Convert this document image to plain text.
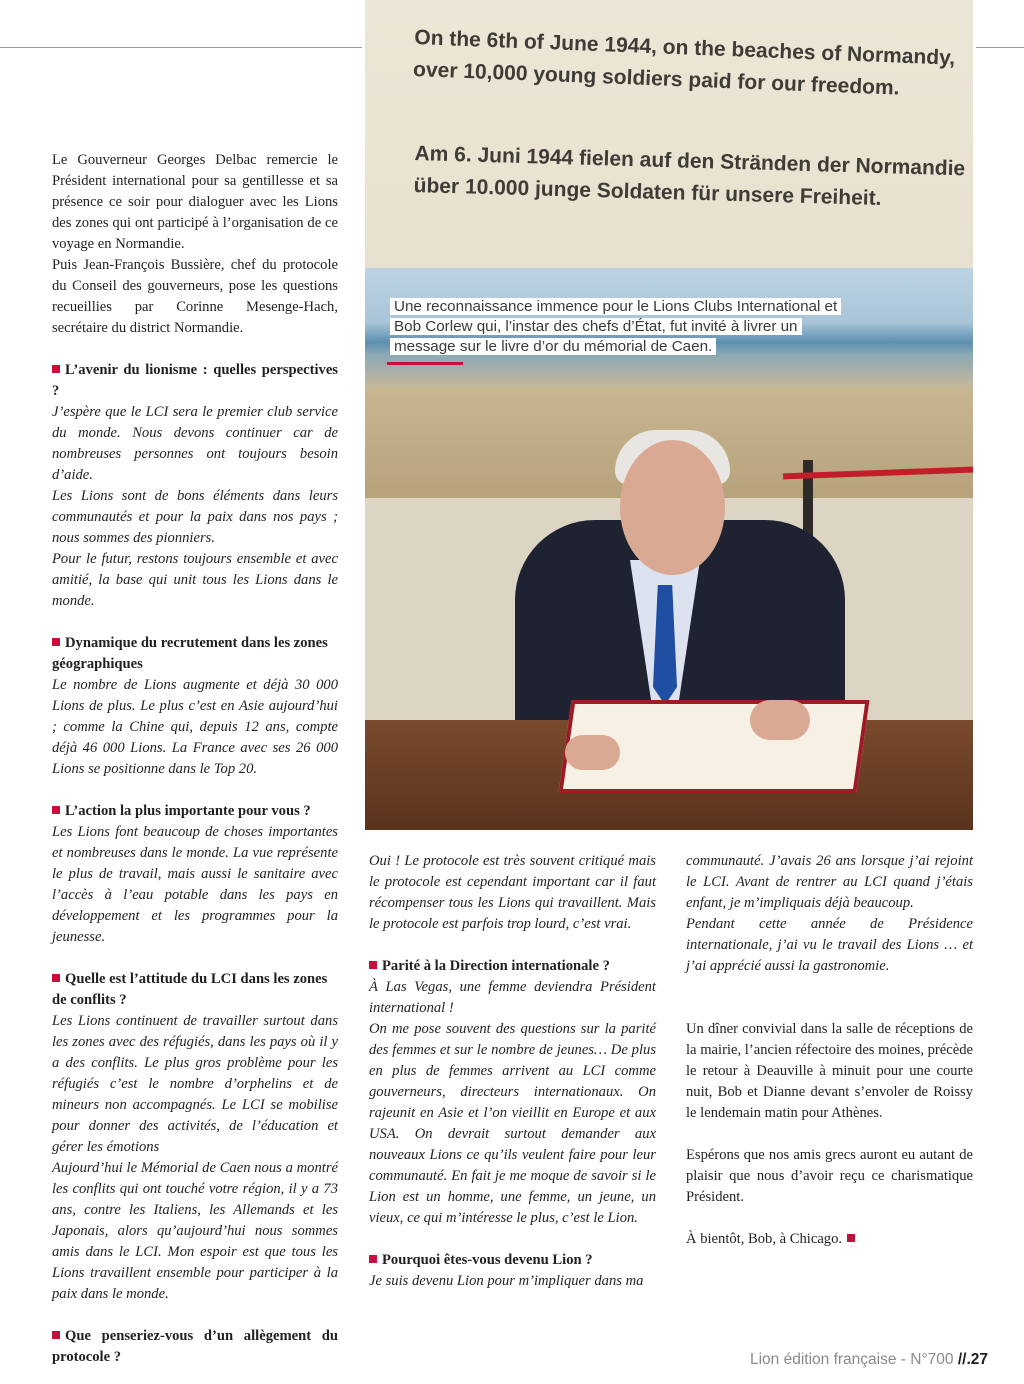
On the 6th of June 1944, on the beaches of Normandy,
over 10,000 young soldiers paid for our freedom.
Am 6. Juni 1944 fielen auf den Stränden der Normandie
über 10.000 junge Soldaten für unsere Freiheit.
Une reconnaissance immence pour le Lions Clubs International et Bob Corlew qui, l’instar des chefs d’État, fut invité à livrer un message sur le livre d’or du mémorial de Caen.

Le Gouverneur Georges Delbac remercie le Président international pour sa gentillesse et sa présence ce soir pour dialoguer avec les Lions des zones qui ont participé à l’organisation de ce voyage en Normandie.

Puis Jean-François Bussière, chef du protocole du Conseil des gouverneurs, pose les questions recueillies par Corinne Mesenge-Hach, secrétaire du district Normandie.

L’avenir du lionisme : quelles perspectives ?

J’espère que le LCI sera le premier club service du monde. Nous devons continuer car de nombreuses personnes ont toujours besoin d’aide.

Les Lions sont de bons éléments dans leurs communautés et pour la paix dans nos pays ; nous sommes des pionniers.

Pour le futur, restons toujours ensemble et avec amitié, la base qui unit tous les Lions dans le monde.

Dynamique du recrutement dans les zones géographiques

Le nombre de Lions augmente et déjà 30 000 Lions de plus. Le plus c’est en Asie aujourd’hui ; comme la Chine qui, depuis 12 ans, compte déjà 46 000 Lions. La France avec ses 26 000 Lions se positionne dans le Top 20.

L’action la plus importante pour vous ?

Les Lions font beaucoup de choses importantes et nombreuses dans le monde. La vue représente le plus de travail, mais aussi le sanitaire avec l’accès à l’eau potable dans les pays en développement et les programmes pour la jeunesse.

Quelle est l’attitude du LCI dans les zones de conflits ?

Les Lions continuent de travailler surtout dans les zones avec des réfugiés, dans les pays où il y a des conflits. Le plus gros problème pour les réfugiés c’est le nombre d’orphelins et de mineurs non accompagnés. Le LCI se mobilise pour donner des activités, de l’éducation et gérer les émotions

Aujourd’hui le Mémorial de Caen nous a montré les conflits qui ont touché votre région, il y a 73 ans, contre les Italiens, les Allemands et les Japonais, alors qu’aujourd’hui nous sommes amis dans le LCI. Mon espoir est que tous les Lions travaillent ensemble pour participer à la paix dans le monde.

Que penseriez-vous d’un allègement du protocole ?

Oui ! Le protocole est très souvent critiqué mais le protocole est cependant important car il faut récompenser tous les Lions qui travaillent. Mais le protocole est parfois trop lourd, c’est vrai.

Parité à la Direction internationale ?

À Las Vegas, une femme deviendra Président international !

On me pose souvent des questions sur la parité des femmes et sur le nombre de jeunes… De plus en plus de femmes arrivent au LCI comme gouverneurs, directeurs internationaux. On rajeunit en Asie et l’on vieillit en Europe et aux USA. On devrait surtout demander aux nouveaux Lions ce qu’ils veulent faire pour leur communauté. En fait je me moque de savoir si le Lion est un homme, une femme, un jeune, un vieux, ce qui m’intéresse le plus, c’est le Lion.

Pourquoi êtes-vous devenu Lion ?

Je suis devenu Lion pour m’impliquer dans ma

communauté. J’avais 26 ans lorsque j’ai rejoint le LCI. Avant de rentrer au LCI quand j’étais enfant, je m’impliquais déjà beaucoup.

Pendant cette année de Présidence internationale, j’ai vu le travail des Lions … et j’ai apprécié aussi la gastronomie.

Un dîner convivial dans la salle de réceptions de la mairie, l’ancien réfectoire des moines, précède le retour à Deauville à minuit pour une courte nuit, Bob et Dianne devant s’envoler de Roissy le lendemain matin pour Athènes.

Espérons que nos amis grecs auront eu autant de plaisir que nous d’avoir reçu ce charismatique Président.

À bientôt, Bob, à Chicago.

Lion édition française - N°700 //.27
